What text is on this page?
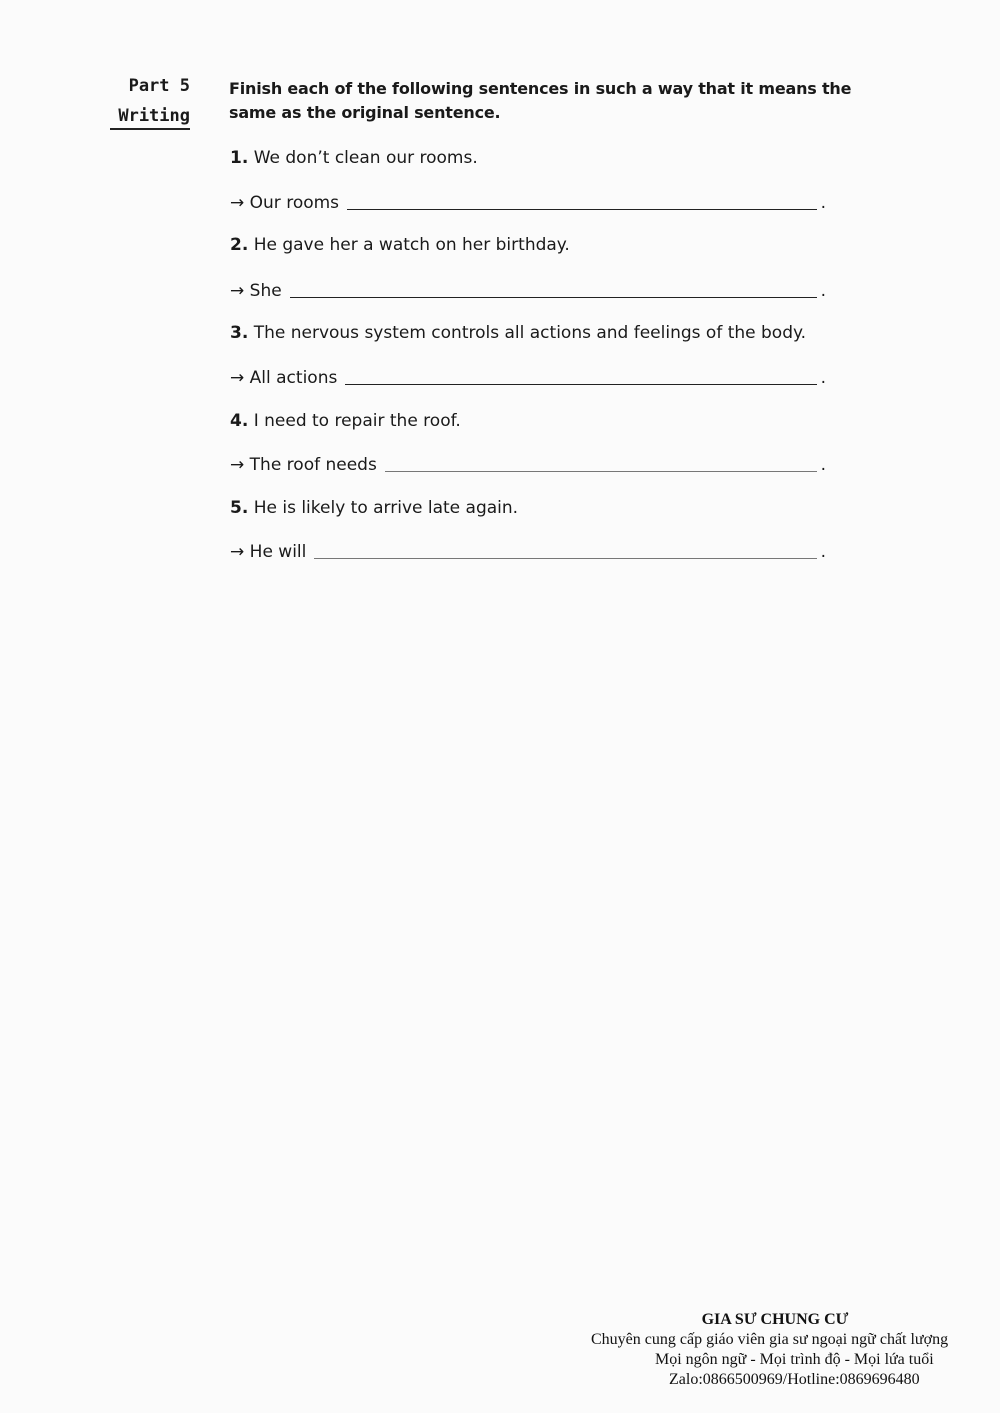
Part 5
Writing
Finish each of the following sentences in such a way that it means the same as the original sentence.
1. We don’t clean our rooms.
→ Our rooms	.
2. He gave her a watch on her birthday.
→ She	.
3. The nervous system controls all actions and feelings of the body.
→ All actions	.
4. I need to repair the roof.
→ The roof needs	.
5. He is likely to arrive late again.
→ He will	.
GIA SƯ CHUNG CƯ
Chuyên cung cấp giáo viên gia sư ngoại ngữ chất lượng
Mọi ngôn ngữ - Mọi trình độ - Mọi lứa tuổi
Zalo:0866500969/Hotline:0869696480
